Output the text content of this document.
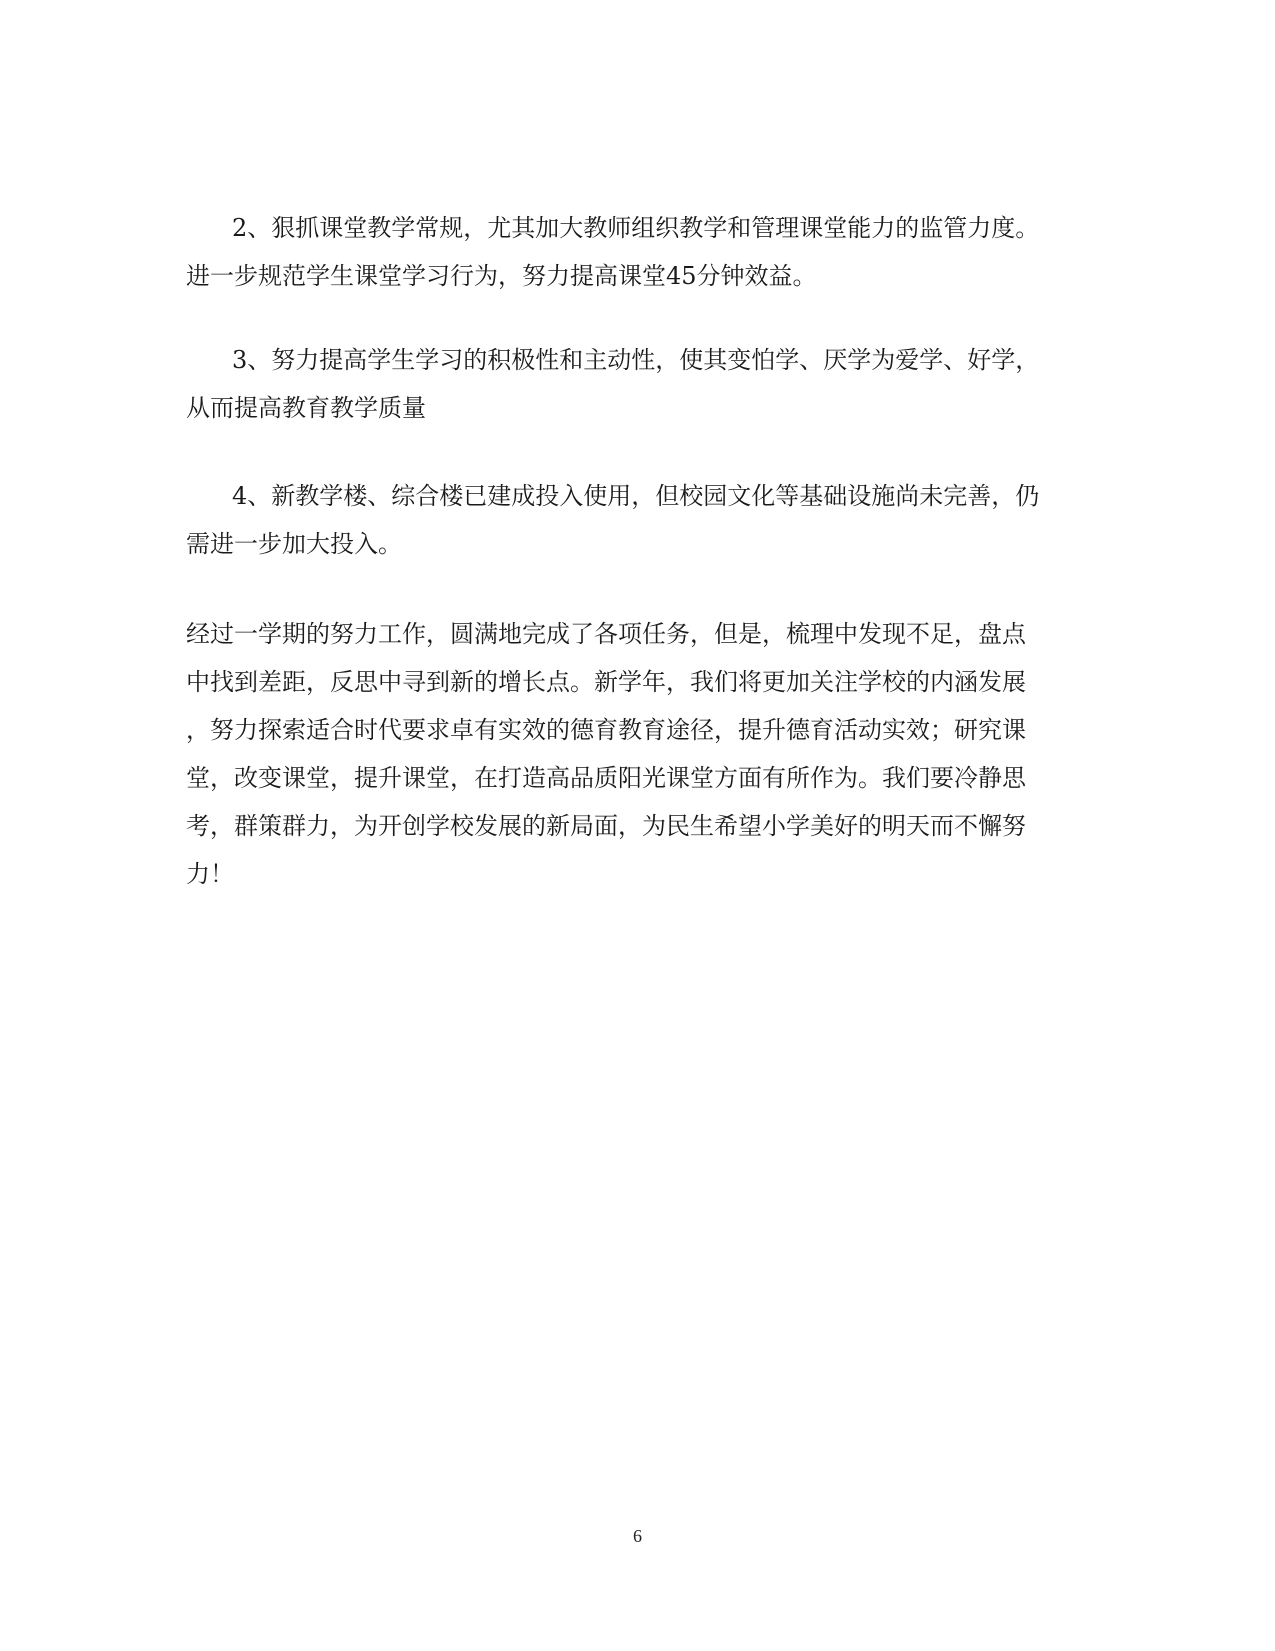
2、狠抓课堂教学常规，尤其加大教师组织教学和管理课堂能力的监管力度。
进一步规范学生课堂学习行为，努力提高课堂45分钟效益。
3、努力提高学生学习的积极性和主动性，使其变怕学、厌学为爱学、好学，
从而提高教育教学质量
4、新教学楼、综合楼已建成投入使用，但校园文化等基础设施尚未完善，仍
需进一步加大投入。
经过一学期的努力工作，圆满地完成了各项任务，但是，梳理中发现不足，盘点
中找到差距，反思中寻到新的增长点。新学年，我们将更加关注学校的内涵发展
，努力探索适合时代要求卓有实效的德育教育途径，提升德育活动实效；研究课
堂，改变课堂，提升课堂，在打造高品质阳光课堂方面有所作为。我们要冷静思
考，群策群力，为开创学校发展的新局面，为民生希望小学美好的明天而不懈努
力！
6
